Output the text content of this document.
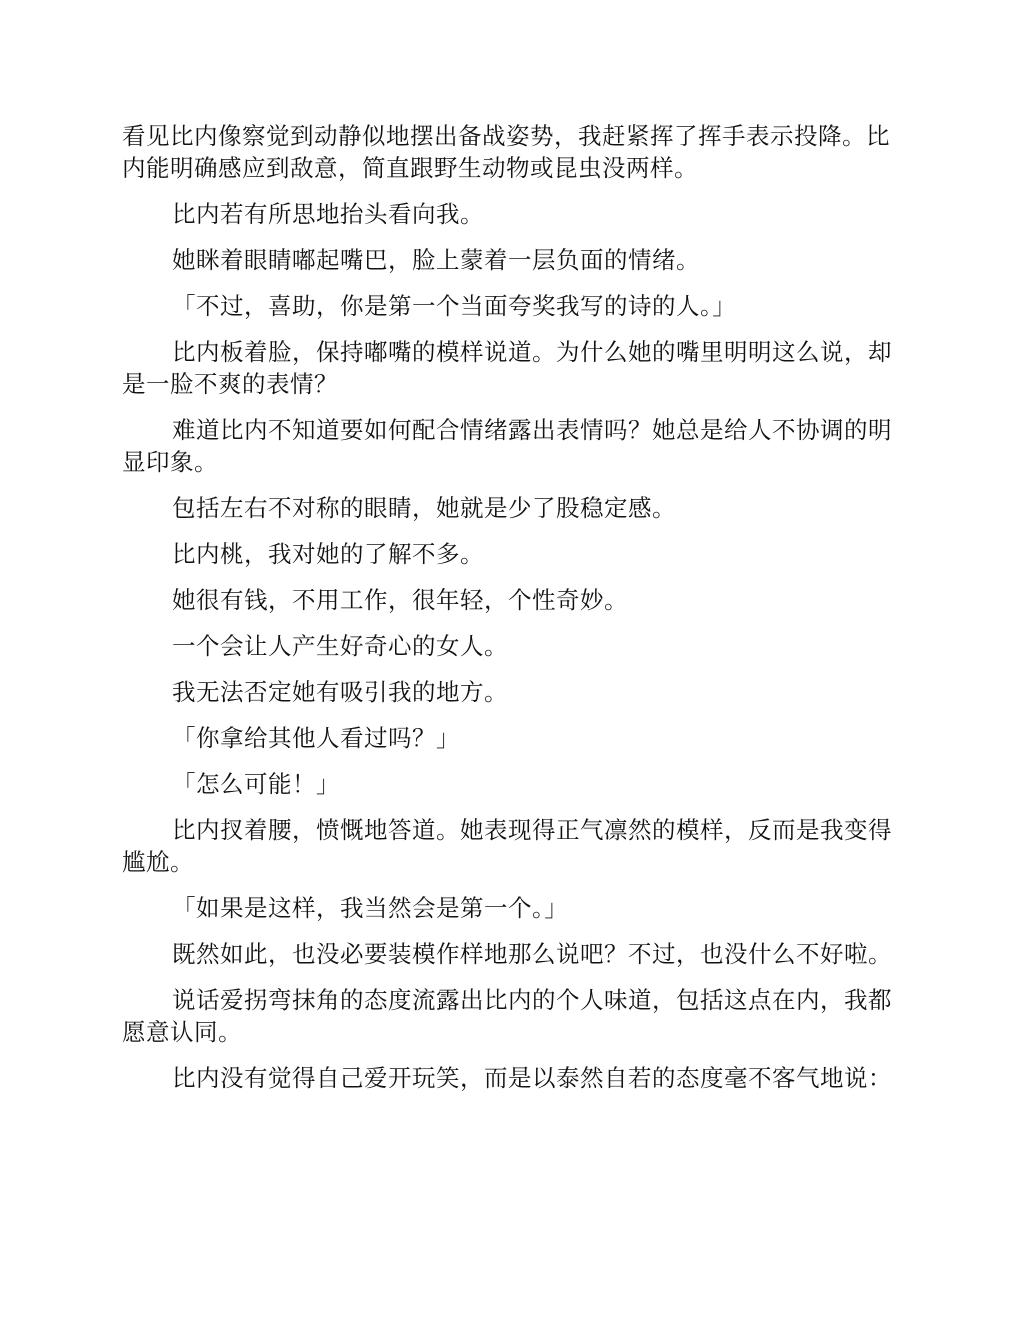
看见比内像察觉到动静似地摆出备战姿势，我赶紧挥了挥手表示投降。比内能明确感应到敌意，简直跟野生动物或昆虫没两样。

比内若有所思地抬头看向我。

她眯着眼睛嘟起嘴巴，脸上蒙着一层负面的情绪。

「不过，喜助，你是第一个当面夸奖我写的诗的人。」

比内板着脸，保持嘟嘴的模样说道。为什么她的嘴里明明这么说，却是一脸不爽的表情？

难道比内不知道要如何配合情绪露出表情吗？她总是给人不协调的明显印象。

包括左右不对称的眼睛，她就是少了股稳定感。

比内桃，我对她的了解不多。

她很有钱，不用工作，很年轻，个性奇妙。

一个会让人产生好奇心的女人。

我无法否定她有吸引我的地方。

「你拿给其他人看过吗？」

「怎么可能！」

比内扠着腰，愤慨地答道。她表现得正气凛然的模样，反而是我变得尴尬。

「如果是这样，我当然会是第一个。」

既然如此，也没必要装模作样地那么说吧？不过，也没什么不好啦。

说话爱拐弯抹角的态度流露出比内的个人味道，包括这点在内，我都愿意认同。

比内没有觉得自己爱开玩笑，而是以泰然自若的态度毫不客气地说：
